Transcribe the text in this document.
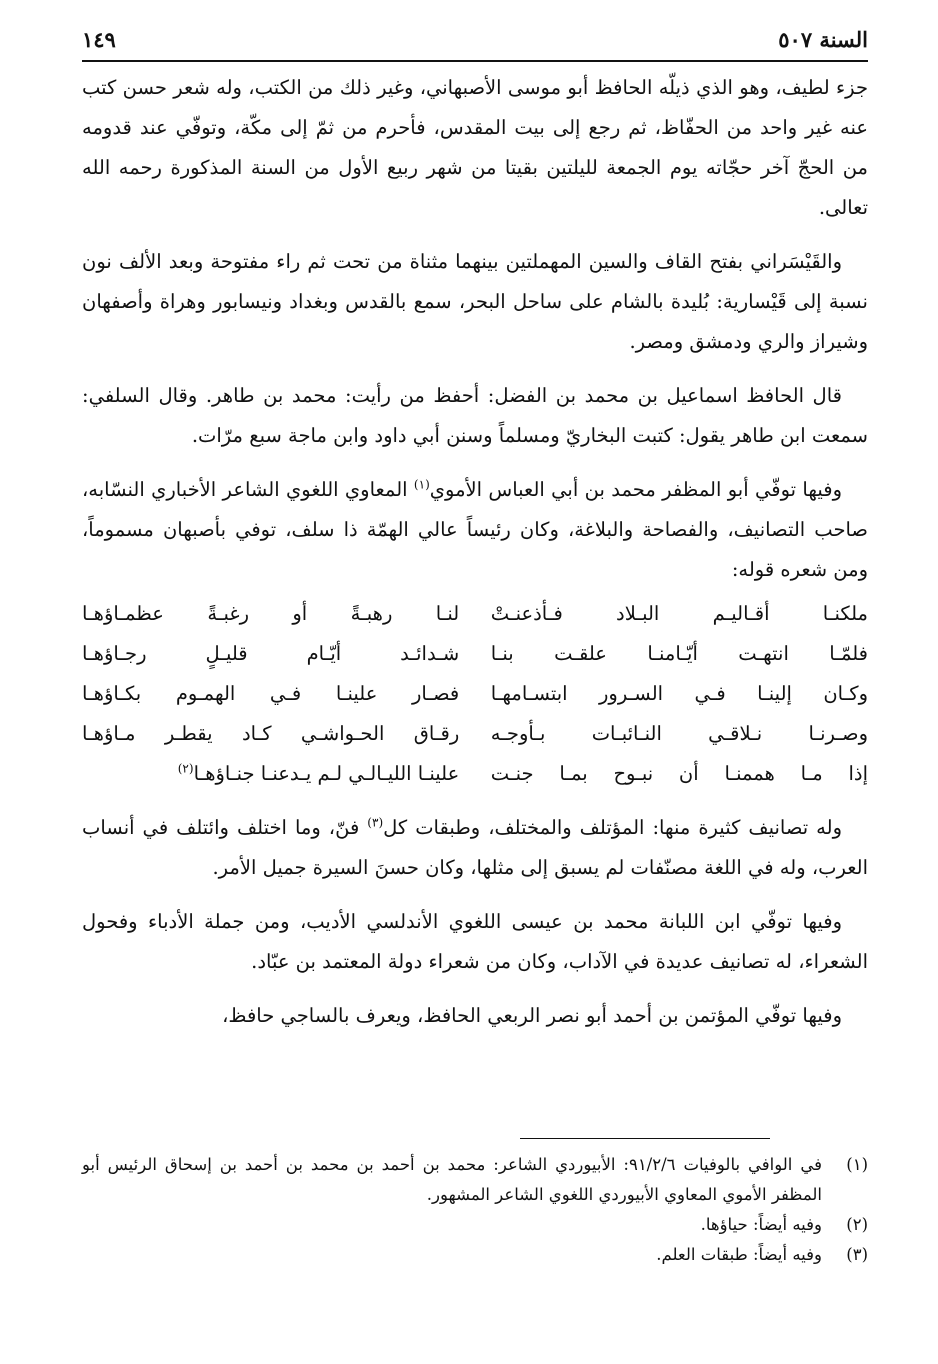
السنة ٥٠٧
١٤٩

جزء لطيف، وهو الذي ذيلّه الحافظ أبو موسى الأصبهاني، وغير ذلك من الكتب، وله شعر حسن كتب عنه غير واحد من الحفّاظ، ثم رجع إلى بيت المقدس، فأحرم من ثمّ إلى مكّة، وتوفّي عند قدومه من الحجّ آخر حجّاته يوم الجمعة لليلتين بقيتا من شهر ربيع الأول من السنة المذكورة رحمه الله تعالى.

والقَيْسَراني بفتح القاف والسين المهملتين بينهما مثناة من تحت ثم راء مفتوحة وبعد الألف نون نسبة إلى قَيْسارية: بُليدة بالشام على ساحل البحر، سمع بالقدس وبغداد ونيسابور وهراة وأصفهان وشيراز والري ودمشق ومصر.

قال الحافظ اسماعيل بن محمد بن الفضل: أحفظ من رأيت: محمد بن طاهر. وقال السلفي: سمعت ابن طاهر يقول: كتبت البخاريّ ومسلماً وسنن أبي داود وابن ماجة سبع مرّات.

وفيها توفّي أبو المظفر محمد بن أبي العباس الأموي$^{(١)}$ المعاوي اللغوي الشاعر الأخباري النسّابه، صاحب التصانيف، والفصاحة والبلاغة، وكان رئيساً عالي الهمّة ذا سلف، توفي بأصبهان مسموماً، ومن شعره قوله:

ملكنـا أقـاليـم البـلاد فـأذعنـتْ
لنـا رهبـةً أو رغبـةً عظمـاؤهـا
فلمّـا انتهـت أيّـامنـا علقـت بنـا
شـدائـد أيّـام قليـلٍ رجـاؤهـا
وكـان إلينـا فـي السـرور ابتسـامهـا
فصـار علينـا فـي الهمـوم بكـاؤهـا
وصـرنـا نـلاقـي النـائبـات بـأوجـه
رقـاق الحـواشـي كـاد يقطـر مـاؤهـا
إذا مـا هممنـا أن نبـوح بمـا جنـت
علينـا الليـالـي لـم يـدعنـا جنـاؤهـا$^{(٢)}$

وله تصانيف كثيرة منها: المؤتلف والمختلف، وطبقات كل$^{(٣)}$ فنّ، وما اختلف وائتلف في أنساب العرب، وله في اللغة مصنّفات لم يسبق إلى مثلها، وكان حسنَ السيرة جميل الأمر.

وفيها توفّي ابن اللبانة محمد بن عيسى اللغوي الأندلسي الأديب، ومن جملة الأدباء وفحول الشعراء، له تصانيف عديدة في الآداب، وكان من شعراء دولة المعتمد بن عبّاد.

وفيها توفّي المؤتمن بن أحمد أبو نصر الربعي الحافظ، ويعرف بالساجي حافظ،

(١)
في الوافي بالوفيات ٩١/٢/٦: الأبيوردي الشاعر: محمد بن أحمد بن محمد بن أحمد بن إسحاق الرئيس أبو المظفر الأموي المعاوي الأبيوردي اللغوي الشاعر المشهور.
(٢)
وفيه أيضاً: حياؤها.
(٣)
وفيه أيضاً: طبقات العلم.
